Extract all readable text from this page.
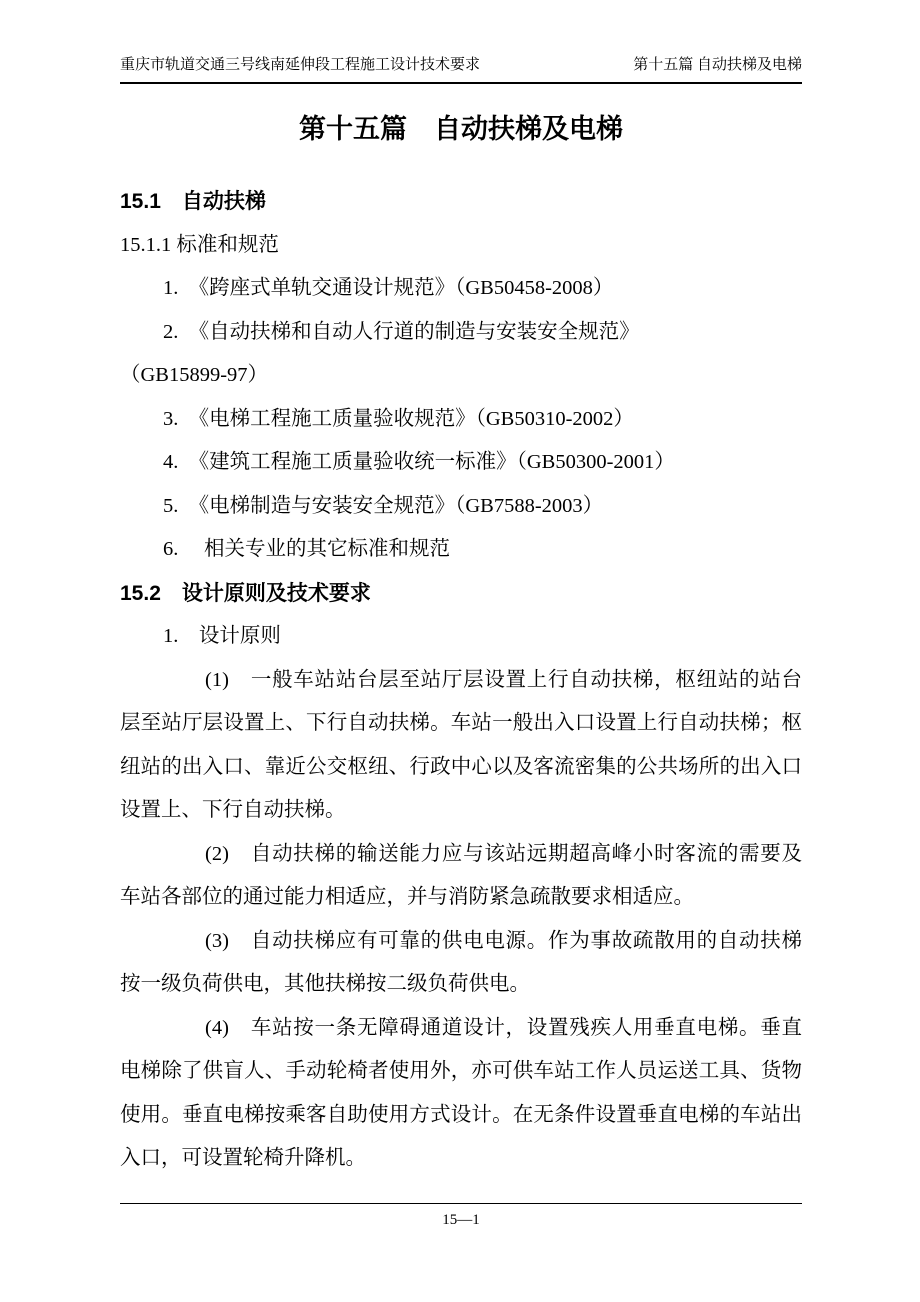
重庆市轨道交通三号线南延伸段工程施工设计技术要求	第十五篇 自动扶梯及电梯
第十五篇　自动扶梯及电梯
15.1　自动扶梯
15.1.1 标准和规范
1.　《跨座式单轨交通设计规范》（GB50458-2008）
2.　《自动扶梯和自动人行道的制造与安装安全规范》
（GB15899-97）
3.　《电梯工程施工质量验收规范》（GB50310-2002）
4.　《建筑工程施工质量验收统一标准》（GB50300-2001）
5.　《电梯制造与安装安全规范》（GB7588-2003）
6.　 相关专业的其它标准和规范
15.2　设计原则及技术要求
1.　设计原则
(1)　一般车站站台层至站厅层设置上行自动扶梯，枢纽站的站台层至站厅层设置上、下行自动扶梯。车站一般出入口设置上行自动扶梯；枢纽站的出入口、靠近公交枢纽、行政中心以及客流密集的公共场所的出入口设置上、下行自动扶梯。
(2)　自动扶梯的输送能力应与该站远期超高峰小时客流的需要及车站各部位的通过能力相适应，并与消防紧急疏散要求相适应。
(3)　自动扶梯应有可靠的供电电源。作为事故疏散用的自动扶梯按一级负荷供电，其他扶梯按二级负荷供电。
(4)　车站按一条无障碍通道设计，设置残疾人用垂直电梯。垂直电梯除了供盲人、手动轮椅者使用外，亦可供车站工作人员运送工具、货物使用。垂直电梯按乘客自助使用方式设计。在无条件设置垂直电梯的车站出入口，可设置轮椅升降机。
15—1
